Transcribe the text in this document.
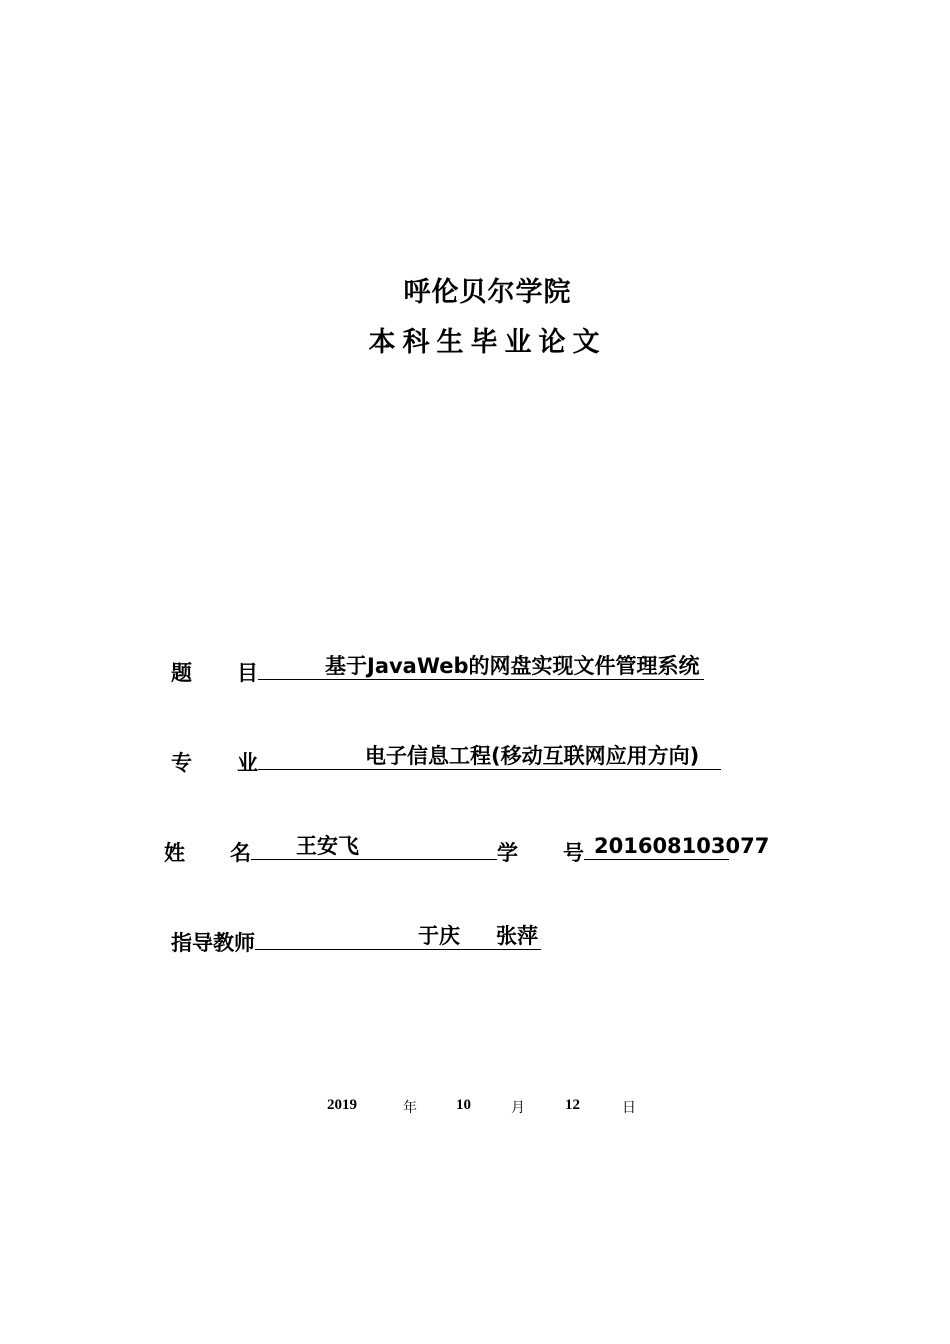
呼伦贝尔学院
本科生毕业论文
题 目	基于JavaWeb的网盘实现文件管理系统
专 业	电子信息工程(移动互联网应用方向)
姓 名 王安飞	学 号 201608103077
指导教师	于庆 张萍
2019	年	10	月	12	日
